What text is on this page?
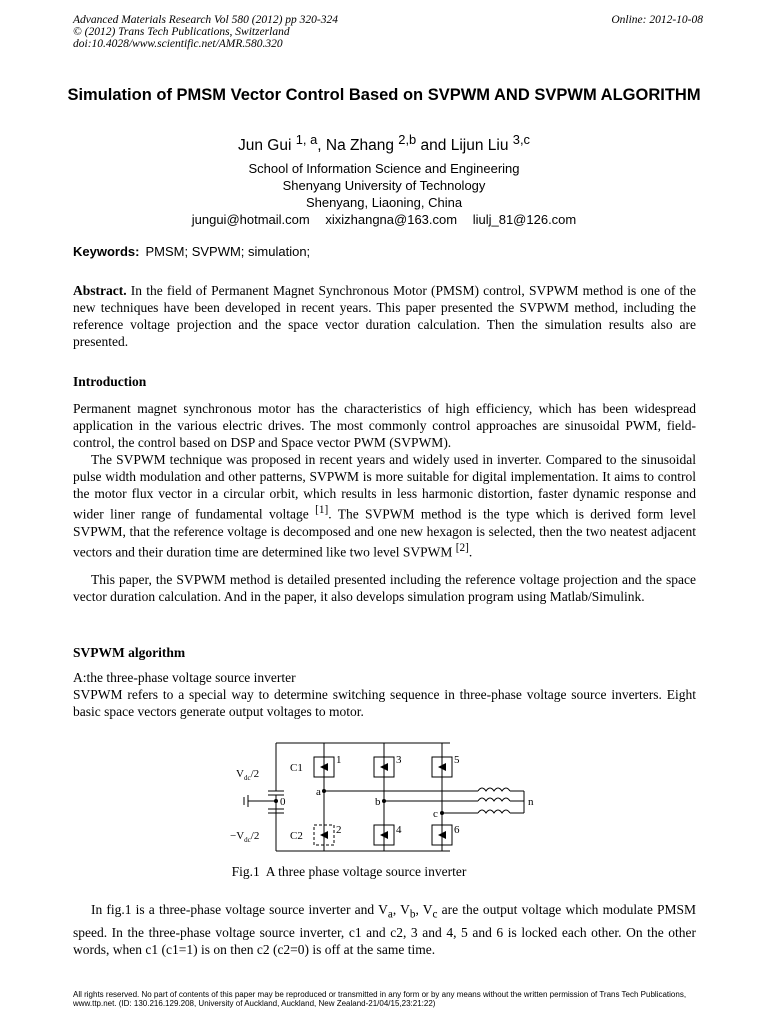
Advanced Materials Research Vol 580 (2012) pp 320-324
© (2012) Trans Tech Publications, Switzerland
doi:10.4028/www.scientific.net/AMR.580.320
Online: 2012-10-08
Simulation of PMSM Vector Control Based on SVPWM AND SVPWM ALGORITHM
Jun Gui $^{1, a}$, Na Zhang $^{2,b}$ and Lijun Liu $^{3,c}$
School of Information Science and Engineering
Shenyang University of Technology
Shenyang, Liaoning, China
jungui@hotmail.com xixizhangna@163.com liulj_81@126.com
Keywords: PMSM; SVPWM; simulation;
Abstract. In the field of Permanent Magnet Synchronous Motor (PMSM) control, SVPWM method is one of the new techniques have been developed in recent years. This paper presented the SVPWM method, including the reference voltage projection and the space vector duration calculation. Then the simulation results also are presented.
Introduction
Permanent magnet synchronous motor has the characteristics of high efficiency, which has been widespread application in the various electric drives. The most commonly control approaches are sinusoidal PWM, field-control, the control based on DSP and Space vector PWM (SVPWM).
The SVPWM technique was proposed in recent years and widely used in inverter. Compared to the sinusoidal pulse width modulation and other patterns, SVPWM is more suitable for digital implementation. It aims to control the motor flux vector in a circular orbit, which results in less harmonic distortion, faster dynamic response and wider liner range of fundamental voltage [1]. The SVPWM method is the type which is derived form level SVPWM, that the reference voltage is decomposed and one new hexagon is selected, then the two neatest adjacent vectors and their duration time are determined like two level SVPWM [2].
This paper, the SVPWM method is detailed presented including the reference voltage projection and the space vector duration calculation. And in the paper, it also develops simulation program using Matlab/Simulink.
SVPWM algorithm
A:the three-phase voltage source inverter
SVPWM refers to a special way to determine switching sequence in three-phase voltage source inverters. Eight basic space vectors generate output voltages to motor.
$V_{dc}/2$
$-V_{dc}/2$
0
C1
C2
1
2
3
4
5
6
a
b
c
n
Fig.1 A three phase voltage source inverter
In fig.1 is a three-phase voltage source inverter and $V_a$, $V_b$, $V_c$ are the output voltage which modulate PMSM speed. In the three-phase voltage source inverter, c1 and c2, 3 and 4, 5 and 6 is locked each other. On the other words, when c1 (c1=1) is on then c2 (c2=0) is off at the same time.
All rights reserved. No part of contents of this paper may be reproduced or transmitted in any form or by any means without the written permission of Trans Tech Publications, www.ttp.net. (ID: 130.216.129.208, University of Auckland, Auckland, New Zealand-21/04/15,23:21:22)
